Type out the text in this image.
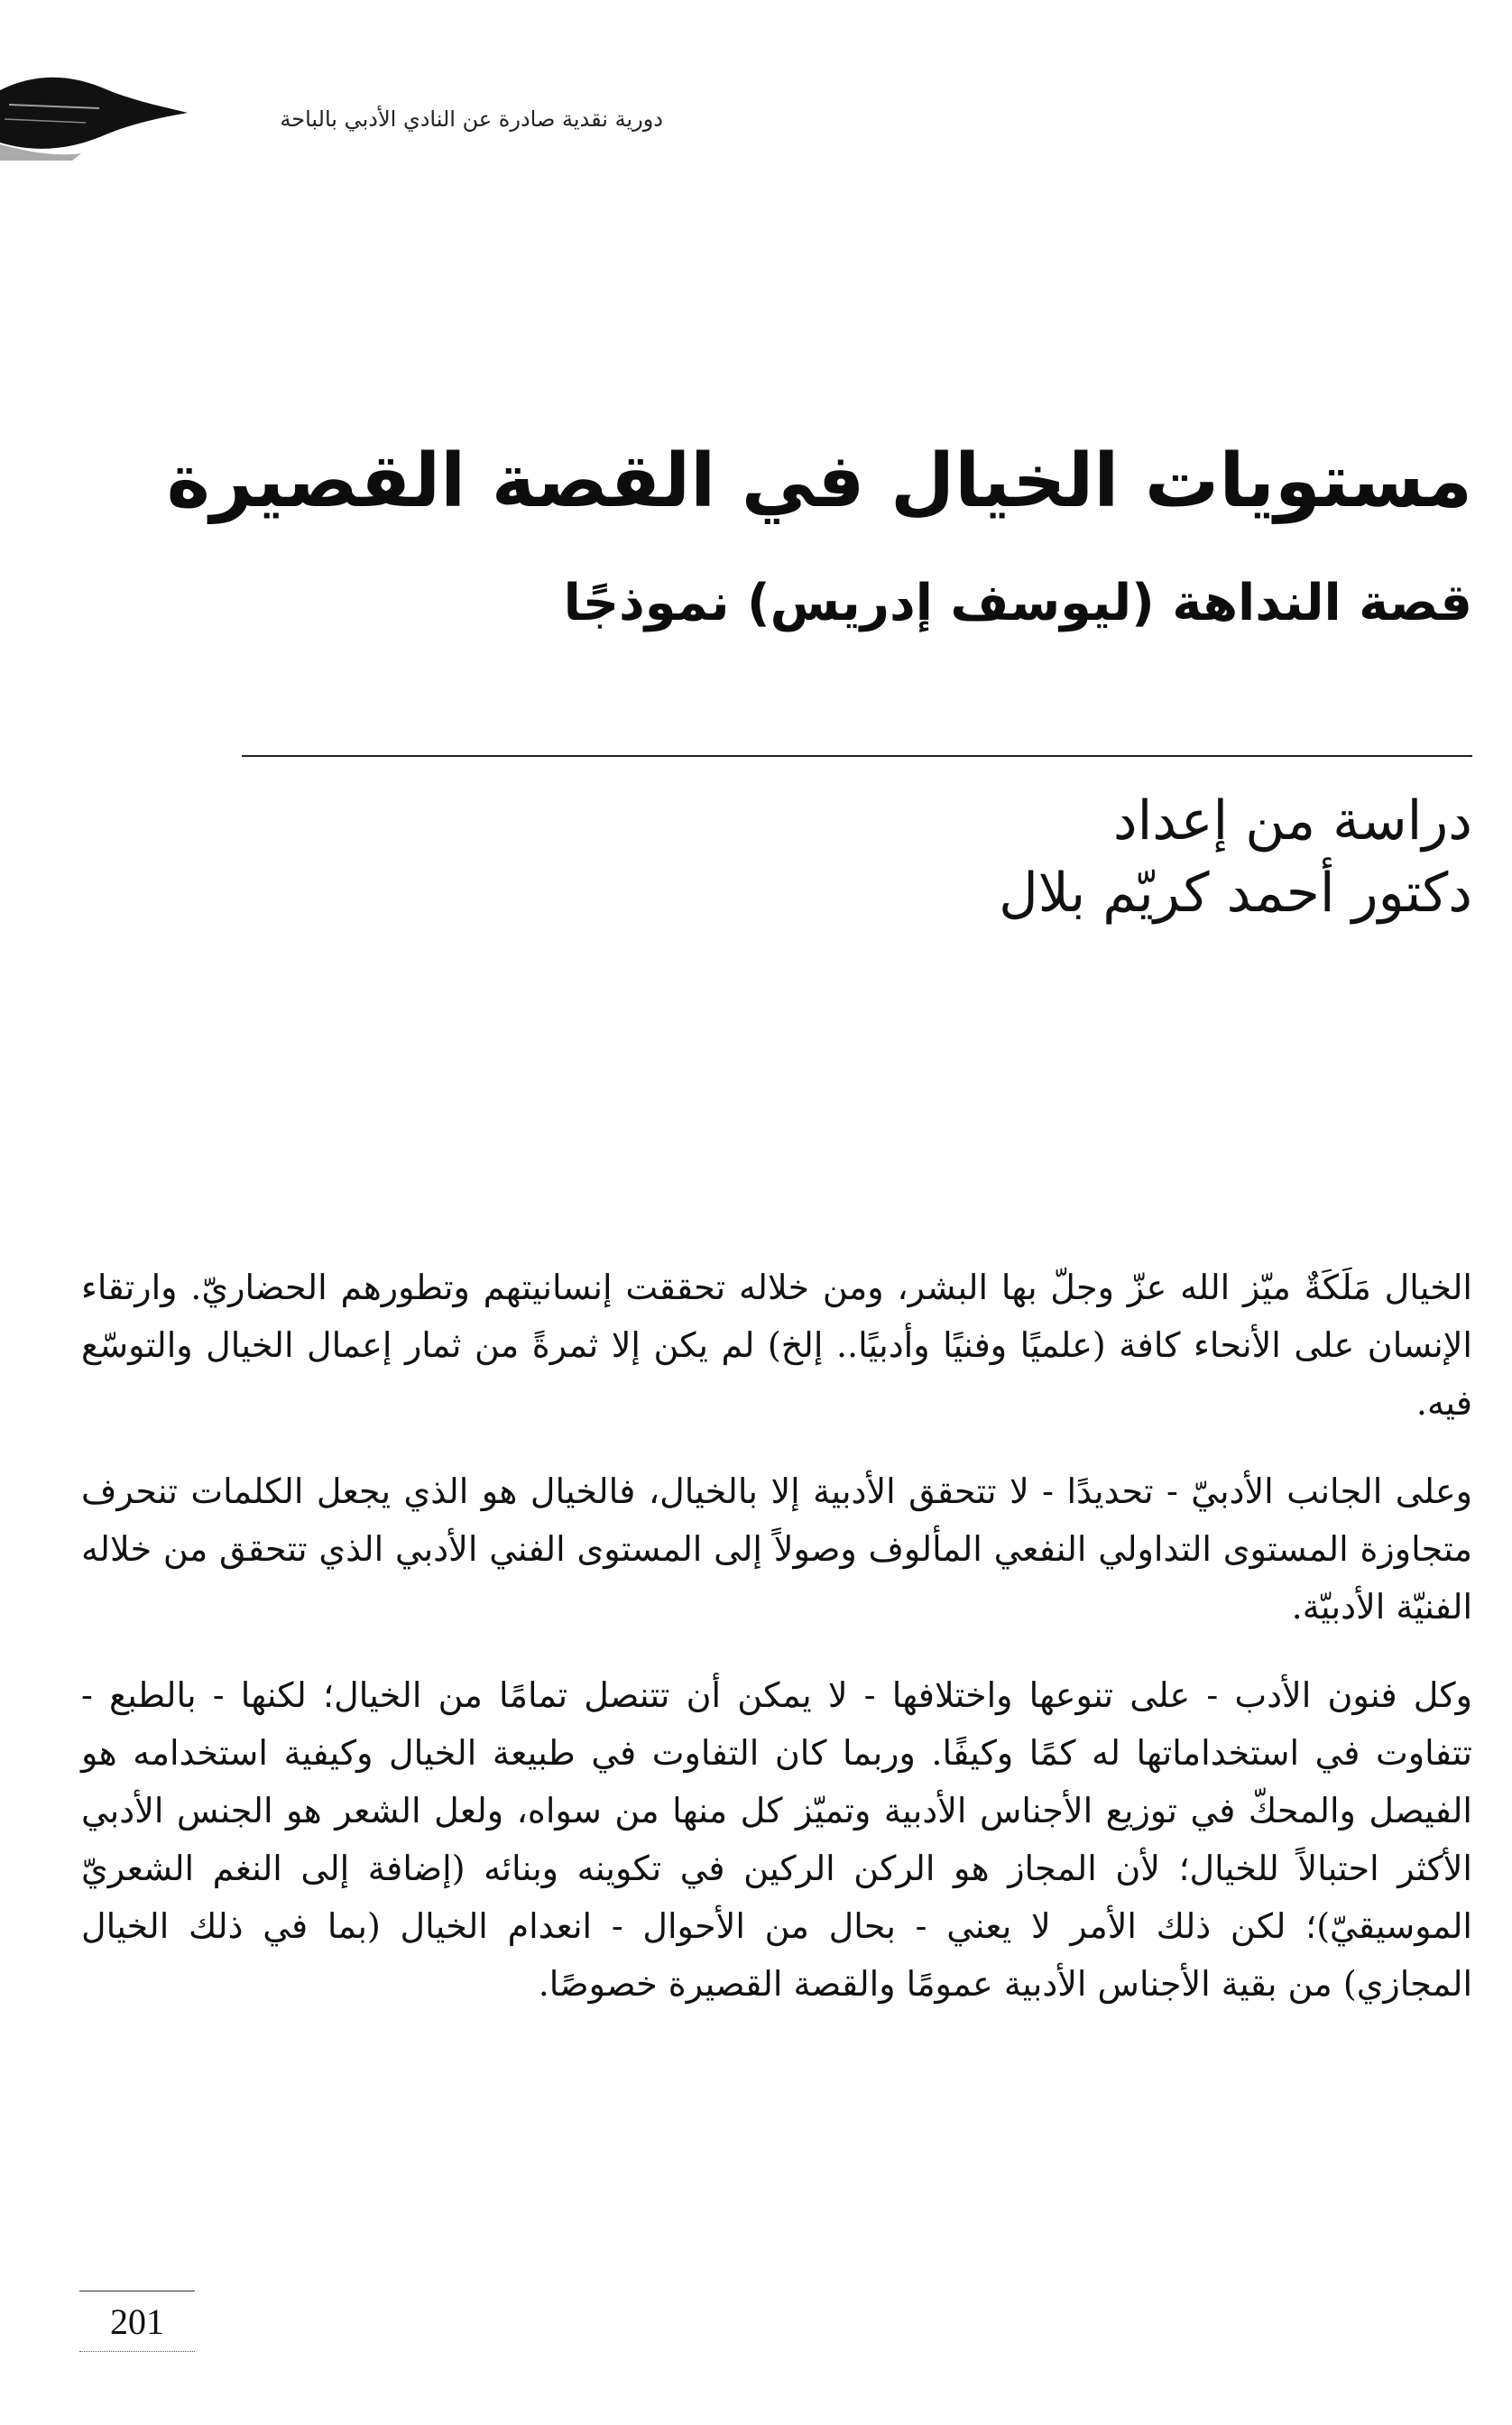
دورية نقدية صادرة عن النادي الأدبي بالباحة
مستويات الخيال في القصة القصيرة
قصة النداهة (ليوسف إدريس) نموذجًا
دراسة من إعداد
دكتور أحمد كريّم بلال

الخيال مَلَكَةٌ ميّز الله عزّ وجلّ بها البشر، ومن خلاله تحققت إنسانيتهم وتطورهم الحضاريّ. وارتقاء الإنسان على الأنحاء كافة (علميًا وفنيًا وأدبيًا.. إلخ) لم يكن إلا ثمرةً من ثمار إعمال الخيال والتوسّع فيه.

وعلى الجانب الأدبيّ - تحديدًا - لا تتحقق الأدبية إلا بالخيال، فالخيال هو الذي يجعل الكلمات تنحرف متجاوزة المستوى التداولي النفعي المألوف وصولاً إلى المستوى الفني الأدبي الذي تتحقق من خلاله الفنيّة الأدبيّة.

وكل فنون الأدب - على تنوعها واختلافها - لا يمكن أن تتنصل تمامًا من الخيال؛ لكنها - بالطبع - تتفاوت في استخداماتها له كمًا وكيفًا. وربما كان التفاوت في طبيعة الخيال وكيفية استخدامه هو الفيصل والمحكّ في توزيع الأجناس الأدبية وتميّز كل منها من سواه، ولعل الشعر هو الجنس الأدبي الأكثر احتبالاً للخيال؛ لأن المجاز هو الركن الركين في تكوينه وبنائه (إضافة إلى النغم الشعريّ الموسيقيّ)؛ لكن ذلك الأمر لا يعني - بحال من الأحوال - انعدام الخيال (بما في ذلك الخيال المجازي) من بقية الأجناس الأدبية عمومًا والقصة القصيرة خصوصًا.

201
